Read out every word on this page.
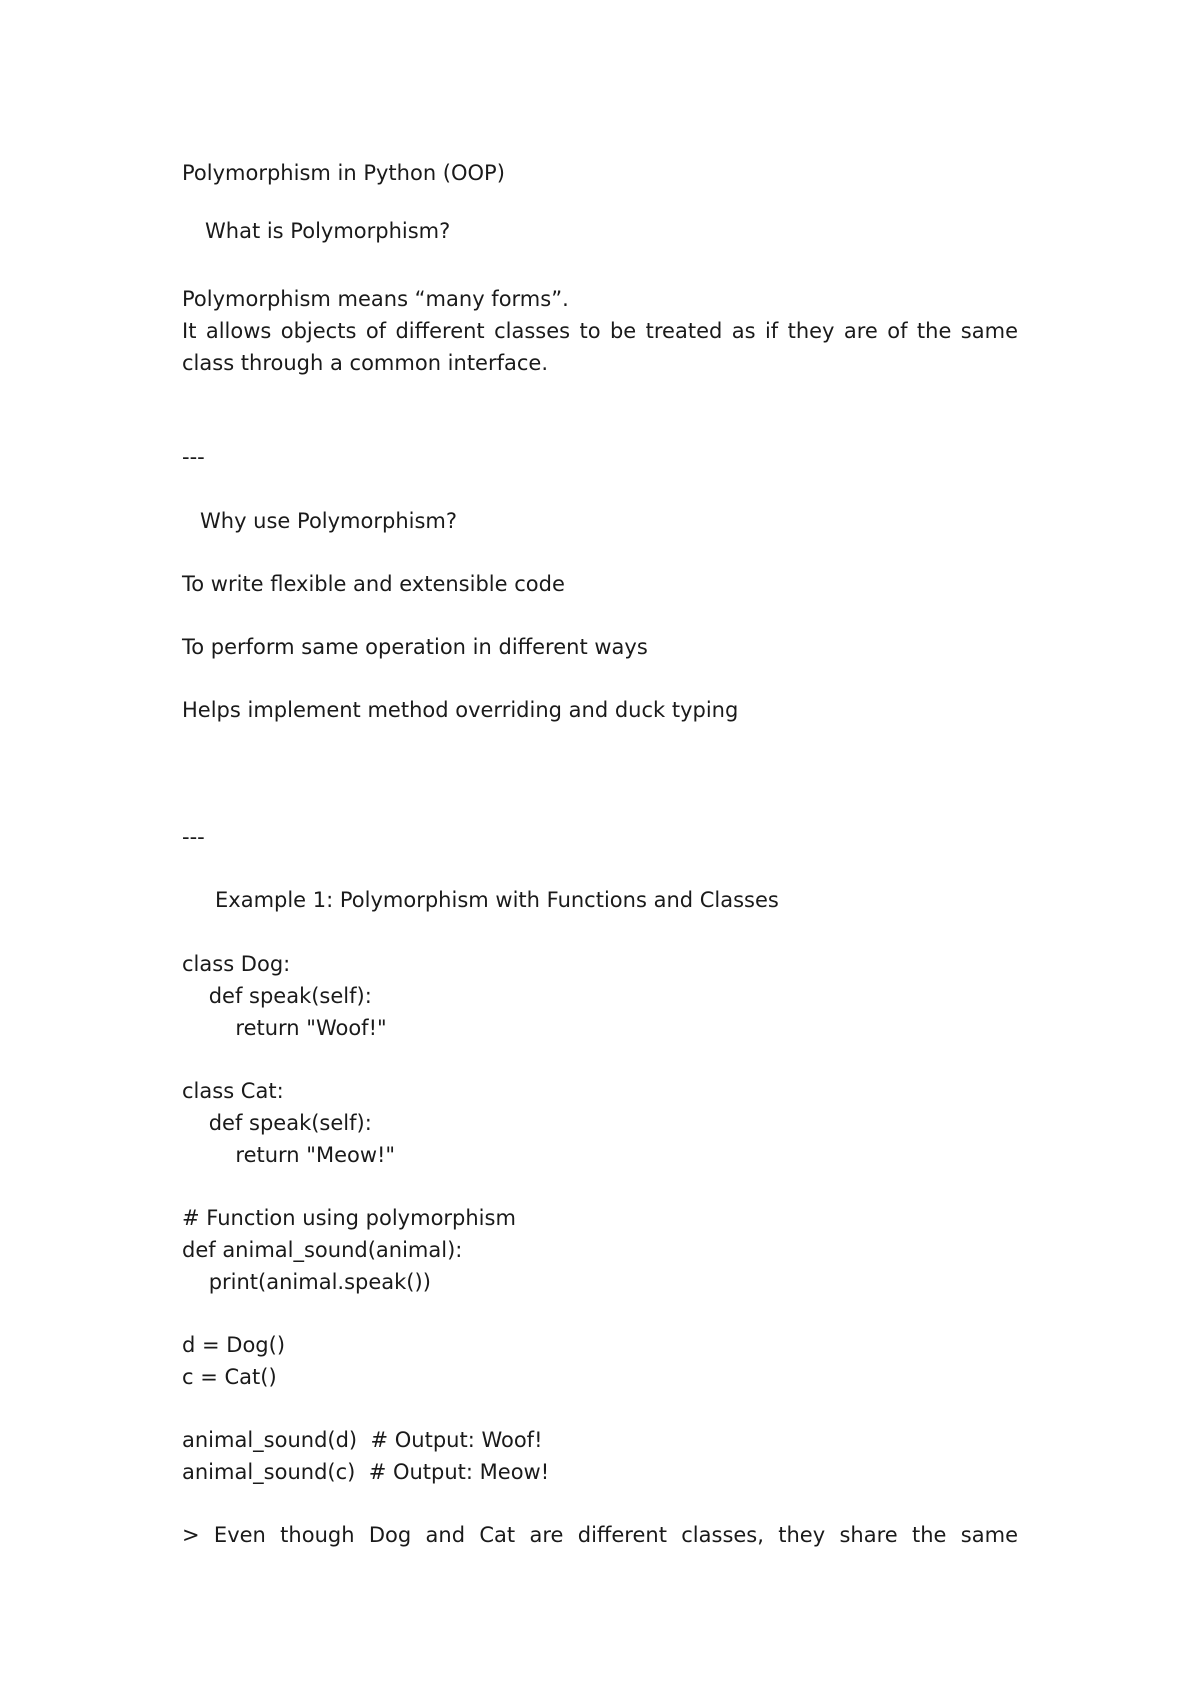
Polymorphism in Python (OOP)

What is Polymorphism?

Polymorphism means “many forms”.

It allows objects of different classes to be treated as if they are of the same

class through a common interface.

---

Why use Polymorphism?

To write flexible and extensible code

To perform same operation in different ways

Helps implement method overriding and duck typing

---

Example 1: Polymorphism with Functions and Classes

class Dog:

def speak(self):

return "Woof!"

class Cat:

def speak(self):

return "Meow!"

# Function using polymorphism

def animal_sound(animal):

print(animal.speak())

d = Dog()

c = Cat()

animal_sound(d)  # Output: Woof!

animal_sound(c)  # Output: Meow!

> Even though Dog and Cat are different classes, they share the same
